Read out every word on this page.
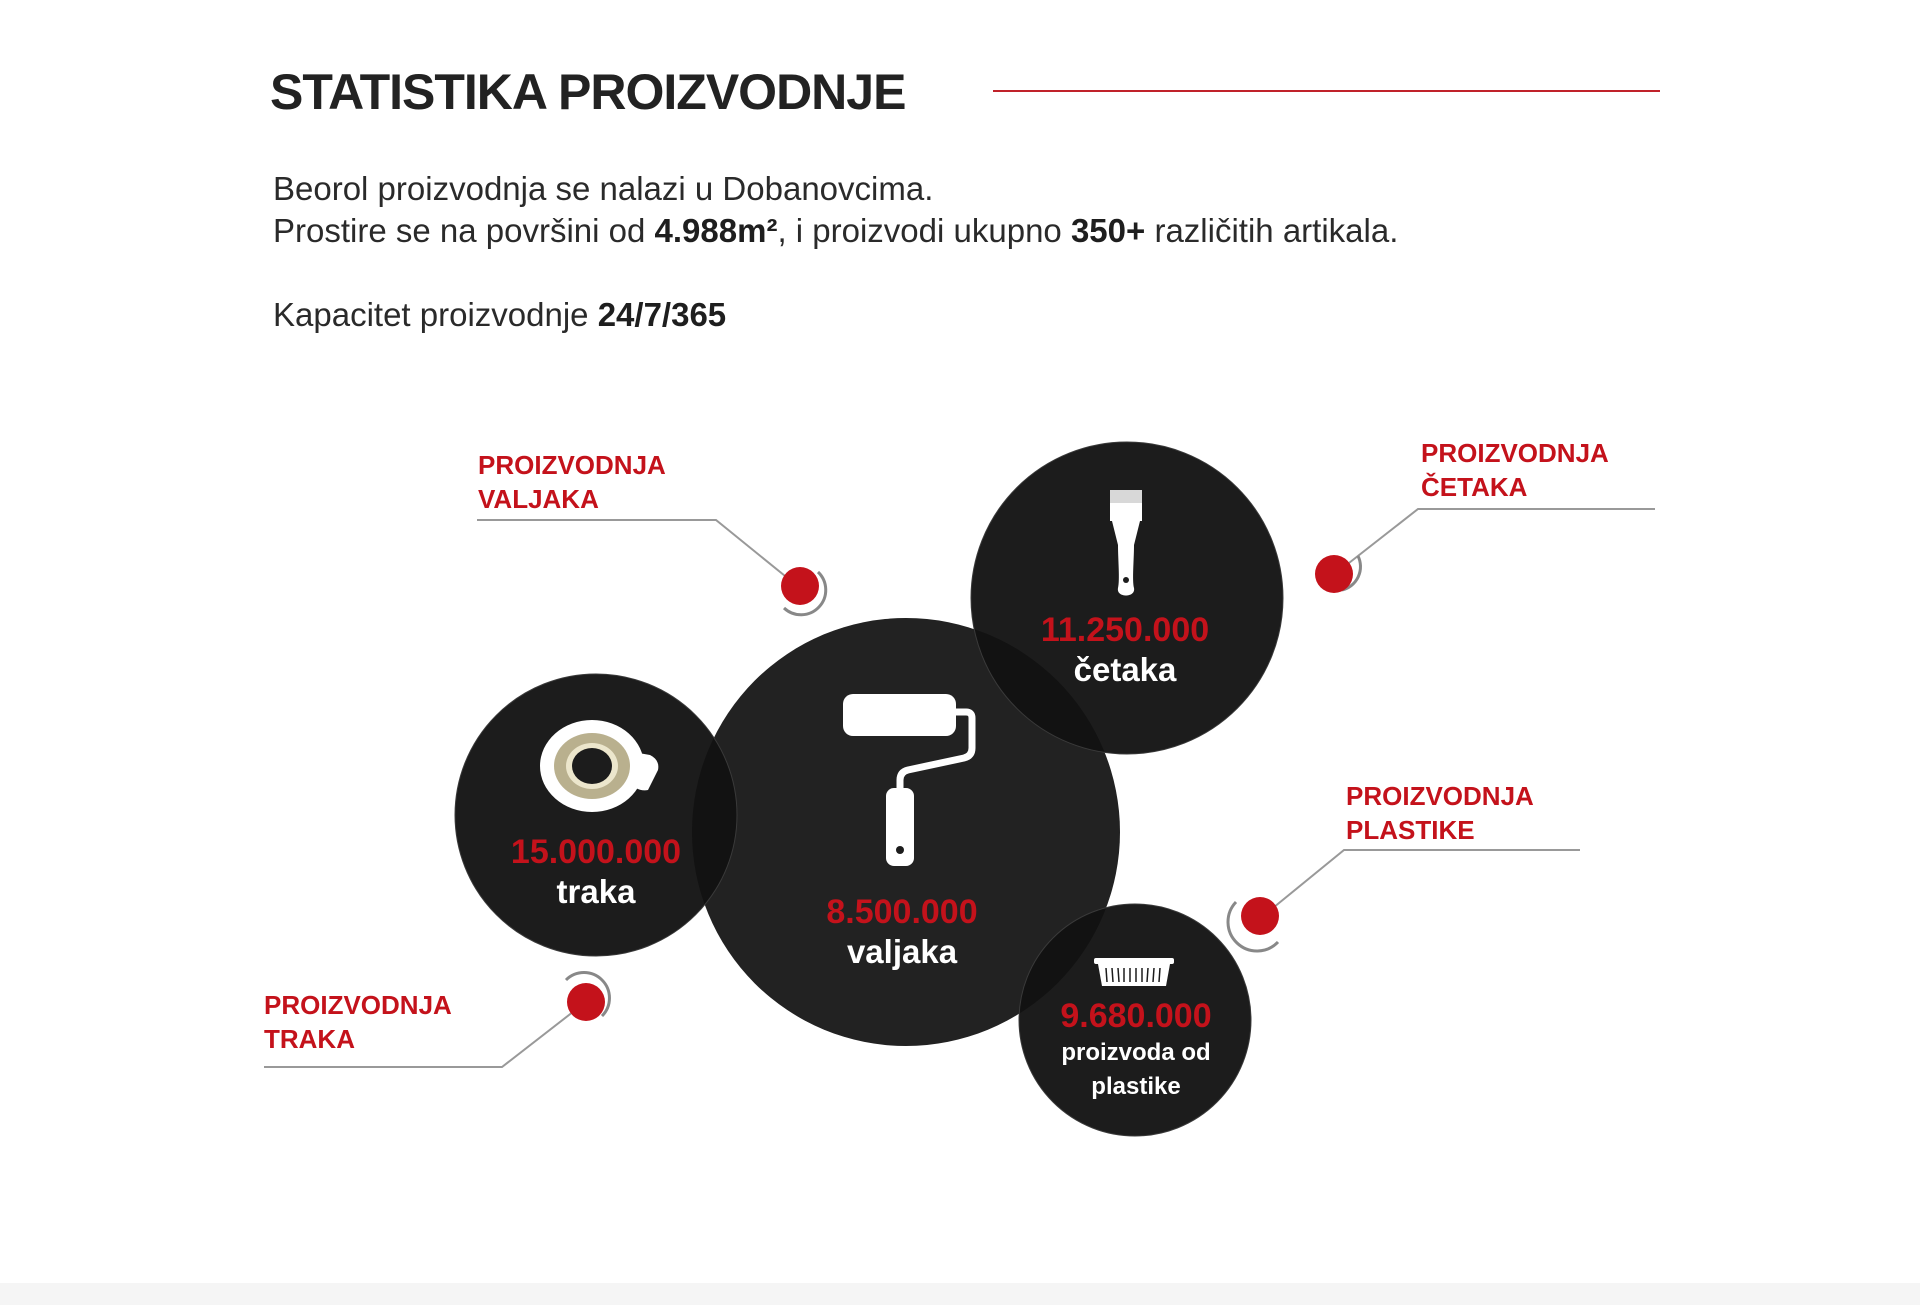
STATISTIKA PROIZVODNJE

Beorol proizvodnja se nalazi u Dobanovcima.

Prostire se na površini od 4.988m², i proizvodi ukupno 350+ različitih artikala.

Kapacitet proizvodnje 24/7/365

15.000.000
traka
8.500.000
valjaka
11.250.000
četaka
9.680.000
proizvoda od
plastike
PROIZVODNJA
VALJAKA
PROIZVODNJA
ČETAKA
PROIZVODNJA
PLASTIKE
PROIZVODNJA
TRAKA
